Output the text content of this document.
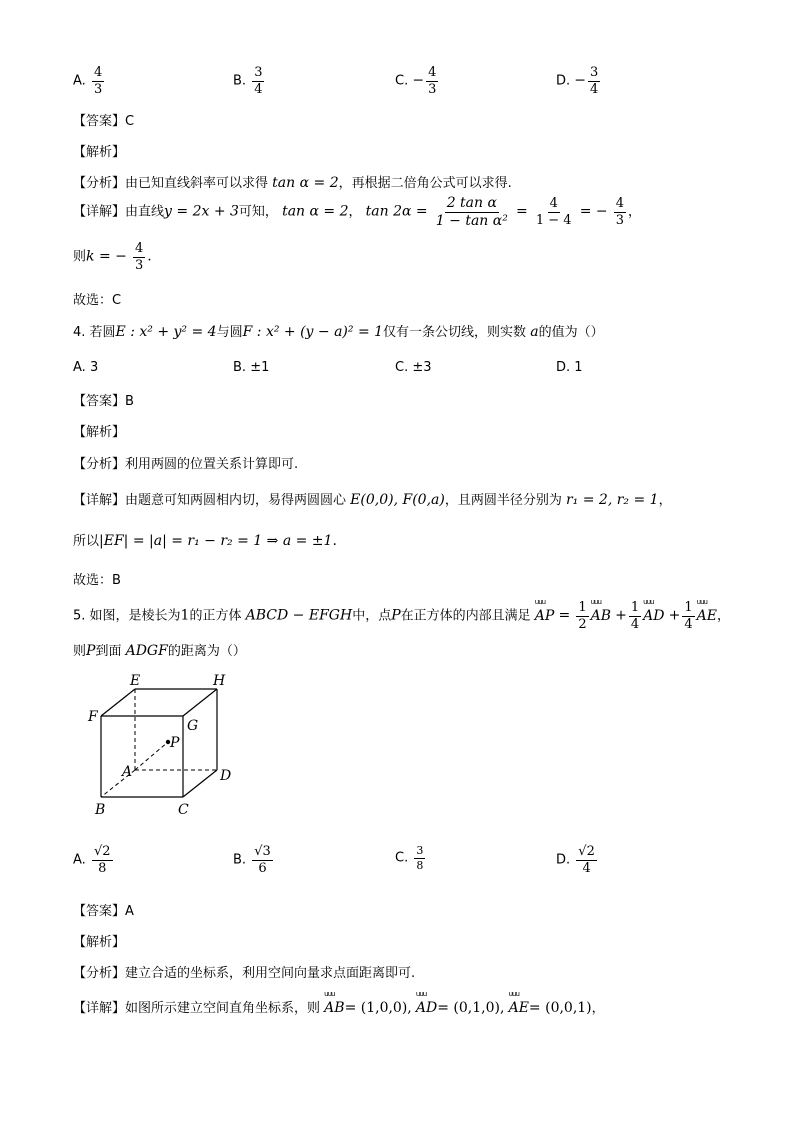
A. $\frac{4}{3}$	B. $\frac{3}{4}$	C. − $\frac{4}{3}$	D. − $\frac{3}{4}$
【答案】C
【解析】
【分析】由已知直线斜率可以求得 tan α = 2，再根据二倍角公式可以求得.
【详解】由直线y = 2x + 3可知， tan α = 2， $\tan 2\alpha = \frac{\text{2 tan α}}{\text{1 − tan α²}} = \frac{4}{1 - 4}$ = − $\frac{4}{3}$ ，
则k = − $\frac{4}{3}$ .
故选：C
4. 若圆E : x² + y² = 4与圆F : x² + (y − a)² = 1仅有一条公切线，则实数 a的值为（）
A. 3	B. ±1	C. ±3	D. 1
【答案】B
【解析】
【分析】利用两圆的位置关系计算即可.
【详解】由题意可知两圆相内切，易得两圆圆心 E(0,0), F(0,a)，且两圆半径分别为 r₁ = 2, r₂ = 1，
所以|EF| = |a| = r₁ − r₂ = 1 ⇒ a = ±1.
故选：B
5. 如图，是棱长为1的正方体 ABCD − EFGH中，点P在正方体的内部且满足 uuu AP = $\frac{1}{2}$ uuu AB + $\frac{1}{4}$ uuu AD + $\frac{1}{4}$ uuu AE，
则P到面 ADGF的距离为（）
E	H
F
G
P
A	D
B	C
A. $\frac{√2}{8}$	B. $\frac{√3}{6}$	C. $\frac{3}{8}$	D. $\frac{√2}{4}$
【答案】A
【解析】
【分析】建立合适的坐标系，利用空间向量求点面距离即可.
【详解】如图所示建立空间直角坐标系，则 uuu AB= (1,0,0), uuu AD= (0,1,0), uuu AE= (0,0,1)，
